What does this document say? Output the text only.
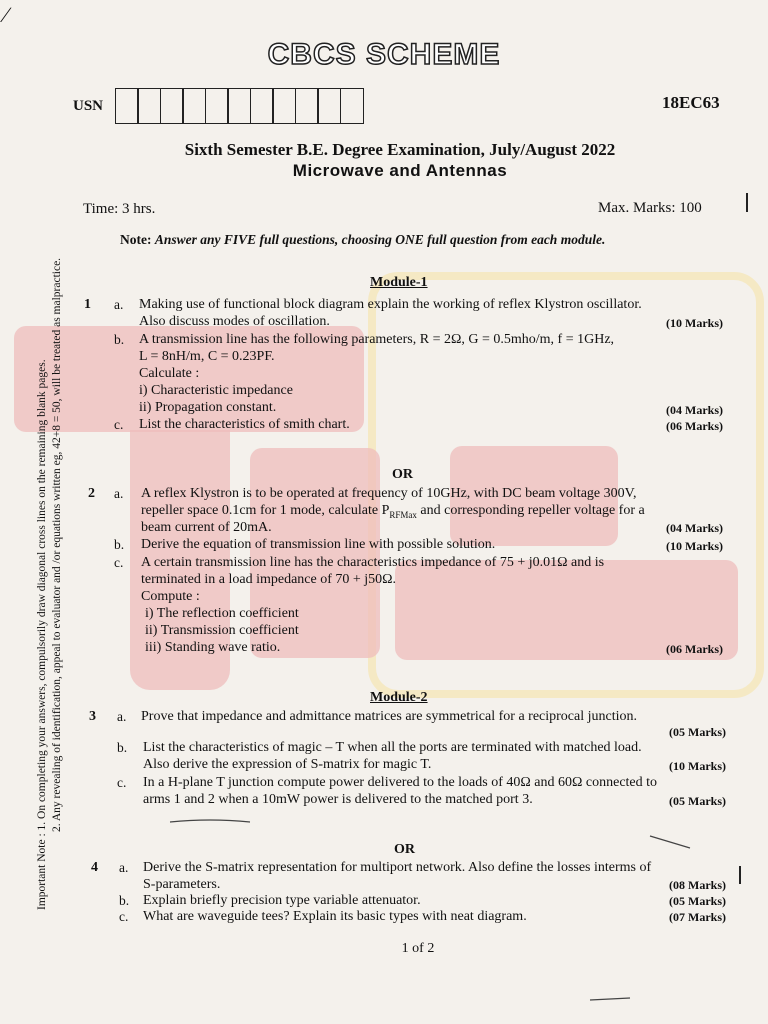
∕
CBCS SCHEME
USN	18EC63
Sixth Semester B.E. Degree Examination, July/August 2022
Microwave and Antennas
Time: 3 hrs.	Max. Marks: 100
Note: Answer any FIVE full questions, choosing ONE full question from each module.
Important Note : 1. On completing your answers, compulsorily draw diagonal cross lines on the remaining blank pages. 2. Any revealing of identification, appeal to evaluator and /or equations written eg, 42+8 = 50, will be treated as malpractice.	Module-1
1 a. Making use of functional block diagram explain the working of reflex Klystron oscillator.
Also discuss modes of oscillation.	(10 Marks)
b. A transmission line has the following parameters, R = 2Ω, G = 0.5mho/m, f = 1GHz,
L = 8nH/m, C = 0.23PF.
Calculate :
i) Characteristic impedance
ii) Propagation constant.	(04 Marks)
c. List the characteristics of smith chart.	(06 Marks)
OR
2 a. A reflex Klystron is to be operated at frequency of 10GHz, with DC beam voltage 300V,
repeller space 0.1cm for 1 mode, calculate $P_{RFMax}$ and corresponding repeller voltage for a
beam current of 20mA.	(04 Marks)
b. Derive the equation of transmission line with possible solution.	(10 Marks)
c. A certain transmission line has the characteristics impedance of 75 + j0.01Ω and is
terminated in a load impedance of 70 + j50Ω.
Compute :
i) The reflection coefficient
ii) Transmission coefficient
iii) Standing wave ratio.	(06 Marks)
Module-2
3 a. Prove that impedance and admittance matrices are symmetrical for a reciprocal junction.
(05 Marks)
b. List the characteristics of magic – T when all the ports are terminated with matched load.
Also derive the expression of S-matrix for magic T.	(10 Marks)
c. In a H-plane T junction compute power delivered to the loads of 40Ω and 60Ω connected to
arms 1 and 2 when a 10mW power is delivered to the matched port 3.	(05 Marks)
OR
4 a. Derive the S-matrix representation for multiport network. Also define the losses interms of
S-parameters.	(08 Marks)
b. Explain briefly precision type variable attenuator.	(05 Marks)
c. What are waveguide tees? Explain its basic types with neat diagram.	(07 Marks)
1 of 2
